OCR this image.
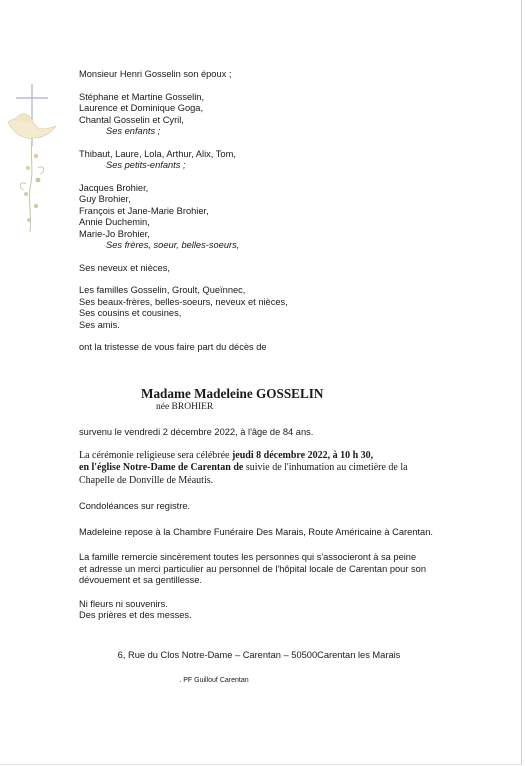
Monsieur Henri Gosselin son époux ;

Stéphane et Martine Gosselin,

Laurence et Dominique Goga,

Chantal Gosselin et Cyril,

Ses enfants ;

Thibaut, Laure, Lola, Arthur, Alix, Tom,

Ses petits-enfants ;

Jacques Brohier,

Guy Brohier,

François et Jane-Marie Brohier,

Annie Duchemin,

Marie-Jo Brohier,

Ses frères, soeur, belles-soeurs,

Ses neveux et nièces,

Les familles Gosselin, Groult, Queïnnec,

Ses beaux-frères, belles-soeurs, neveux et nièces,

Ses cousins et cousines,

Ses amis.

ont la tristesse de vous faire part du décès de

Madame Madeleine GOSSELIN
née BROHIER

survenu le vendredi 2 décembre 2022, à l'âge de 84 ans.

La cérémonie religieuse sera célébrée jeudi 8 décembre 2022, à 10 h 30,
en l'église Notre-Dame de Carentan de suivie de l'inhumation au cimetière de la
Chapelle de Donville de Méautis.

Condoléances sur registre.

Madeleine repose à la Chambre Funéraire Des Marais, Route Américaine à Carentan.

La famille remercie sincèrement toutes les personnes qui s'associeront à sa peine

et adresse un merci particulier au personnel de l'hôpital locale de Carentan pour son

dévouement et sa gentillesse.

Ni fleurs ni souvenirs.

Des prières et des messes.

6, Rue du Clos Notre-Dame – Carentan – 50500Carentan les Marais

. PF Guillouf Carentan
